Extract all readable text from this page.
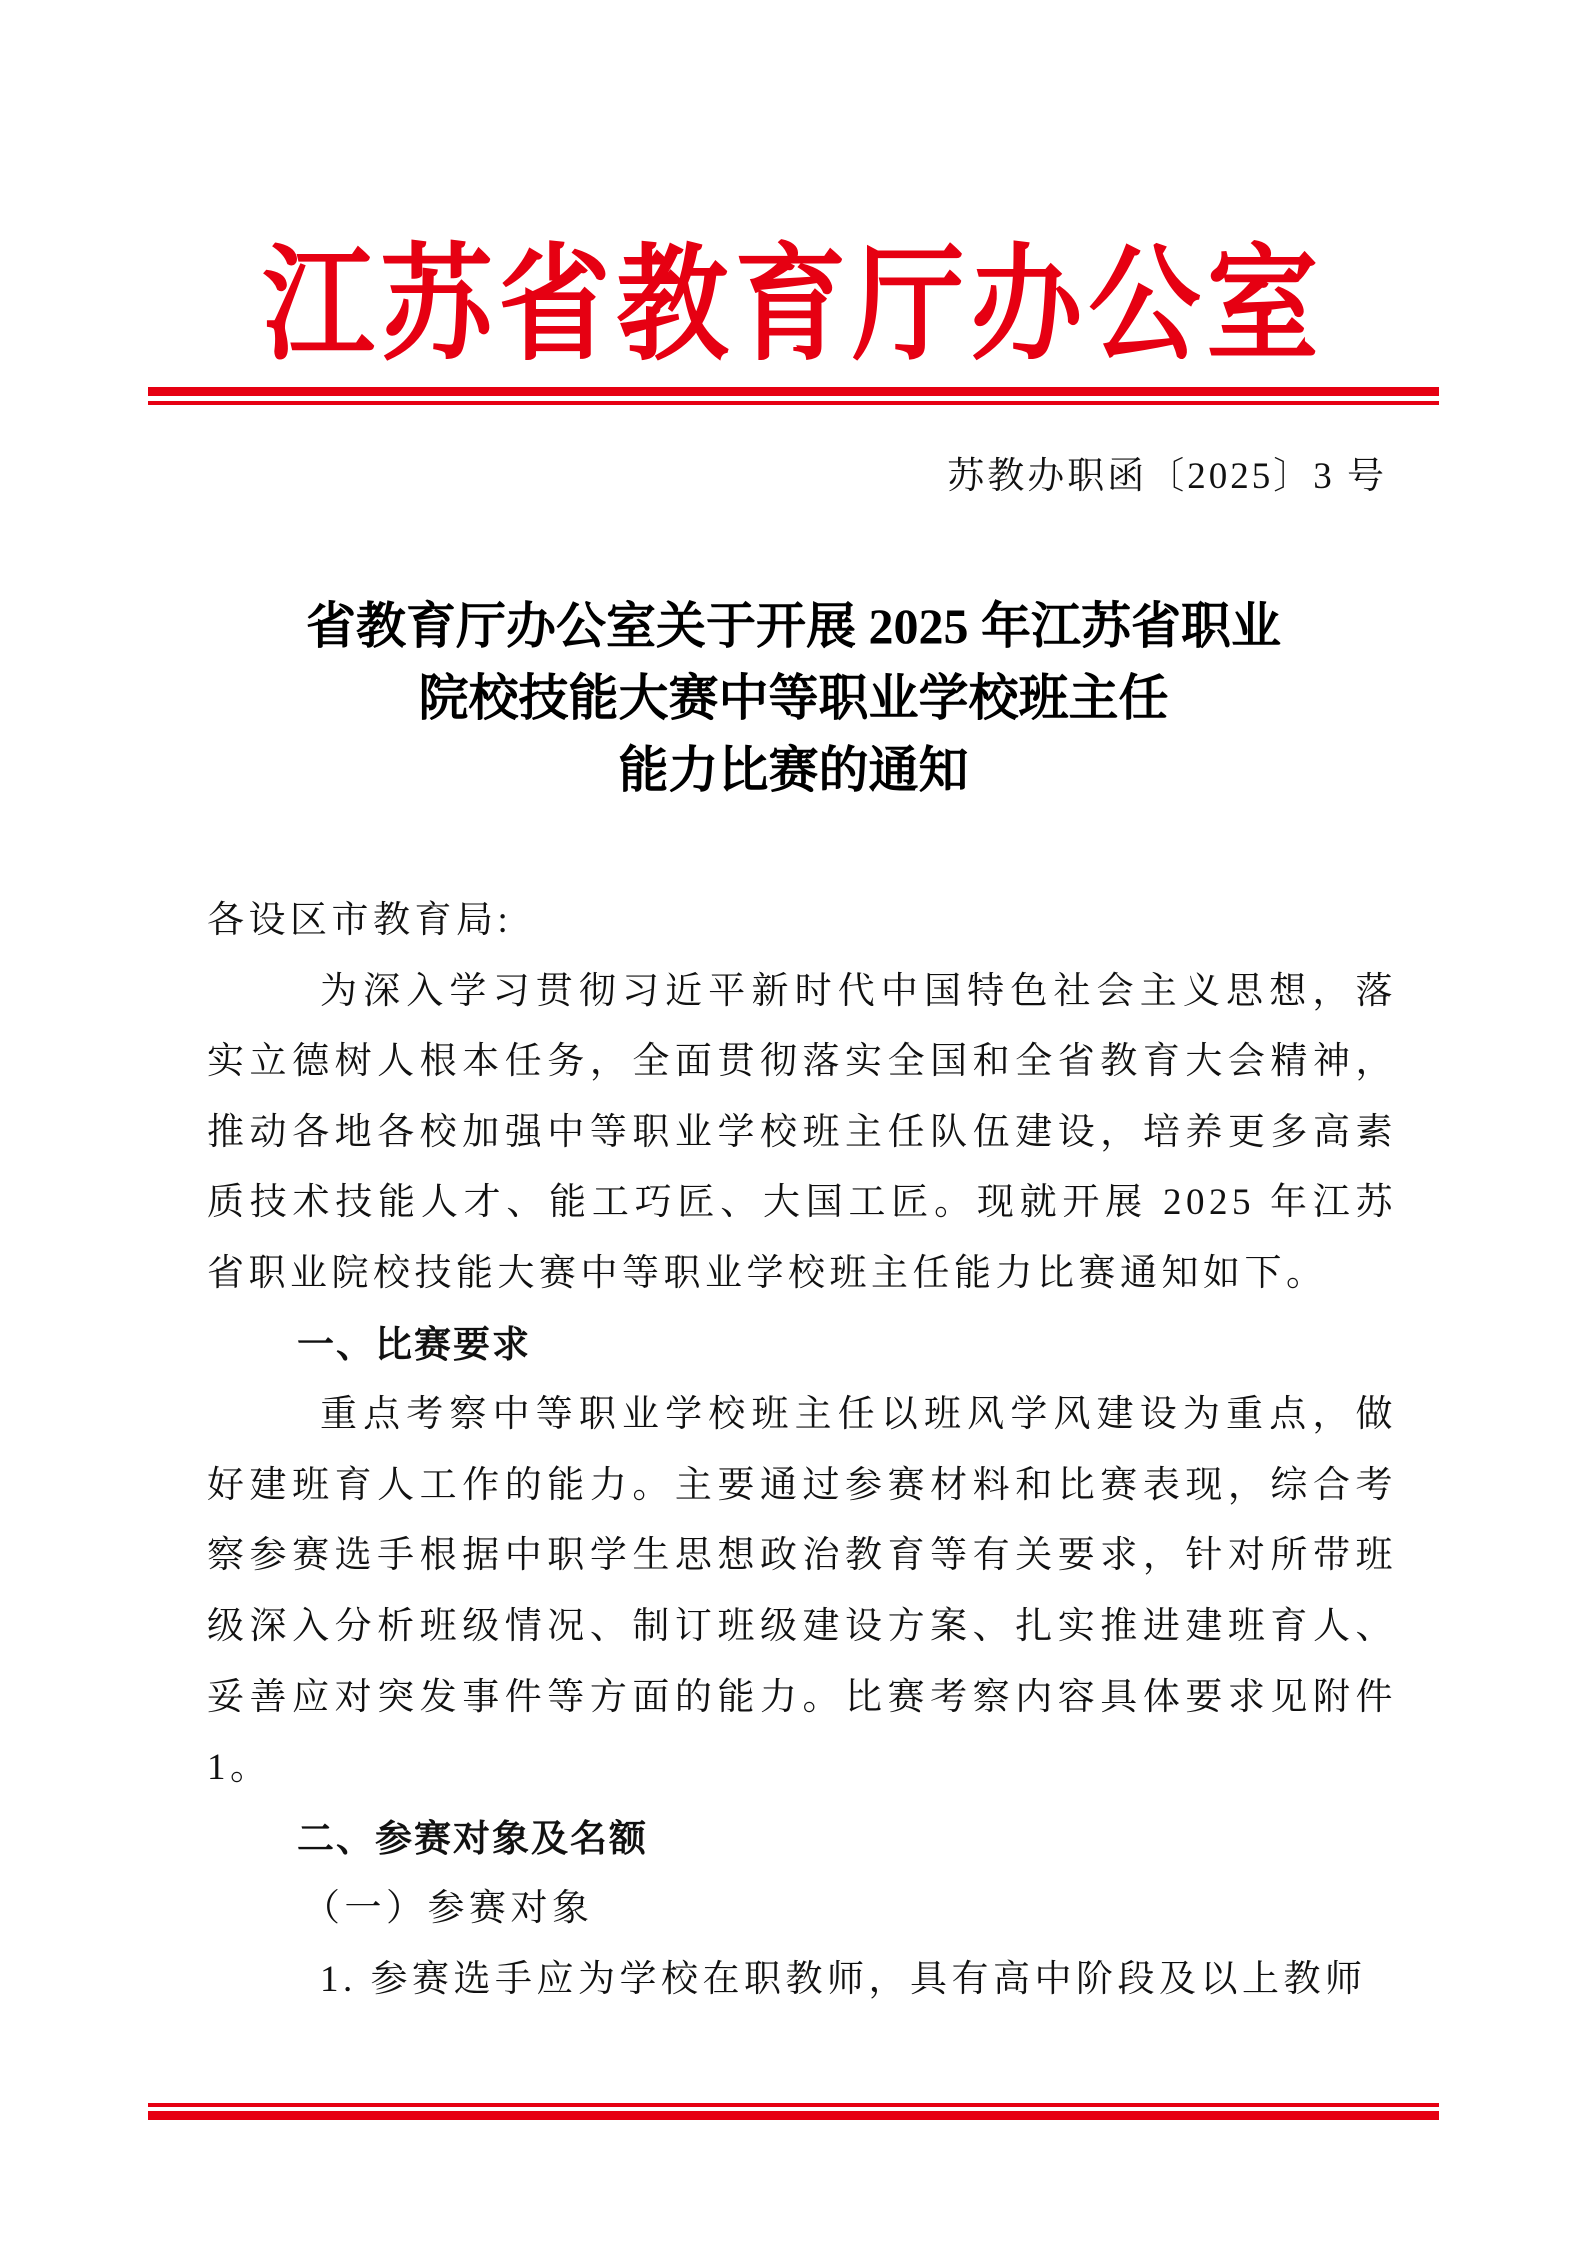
江苏省教育厅办公室
苏教办职函〔2025〕3 号
省教育厅办公室关于开展 2025 年江苏省职业
院校技能大赛中等职业学校班主任
能力比赛的通知

各设区市教育局:

为深入学习贯彻习近平新时代中国特色社会主义思想，落实立德树人根本任务，全面贯彻落实全国和全省教育大会精神，推动各地各校加强中等职业学校班主任队伍建设，培养更多高素质技术技能人才、能工巧匠、大国工匠。现就开展 2025 年江苏省职业院校技能大赛中等职业学校班主任能力比赛通知如下。

一、比赛要求

重点考察中等职业学校班主任以班风学风建设为重点，做好建班育人工作的能力。主要通过参赛材料和比赛表现，综合考察参赛选手根据中职学生思想政治教育等有关要求，针对所带班级深入分析班级情况、制订班级建设方案、扎实推进建班育人、妥善应对突发事件等方面的能力。比赛考察内容具体要求见附件 1。

二、参赛对象及名额

（一）参赛对象

1. 参赛选手应为学校在职教师，具有高中阶段及以上教师
